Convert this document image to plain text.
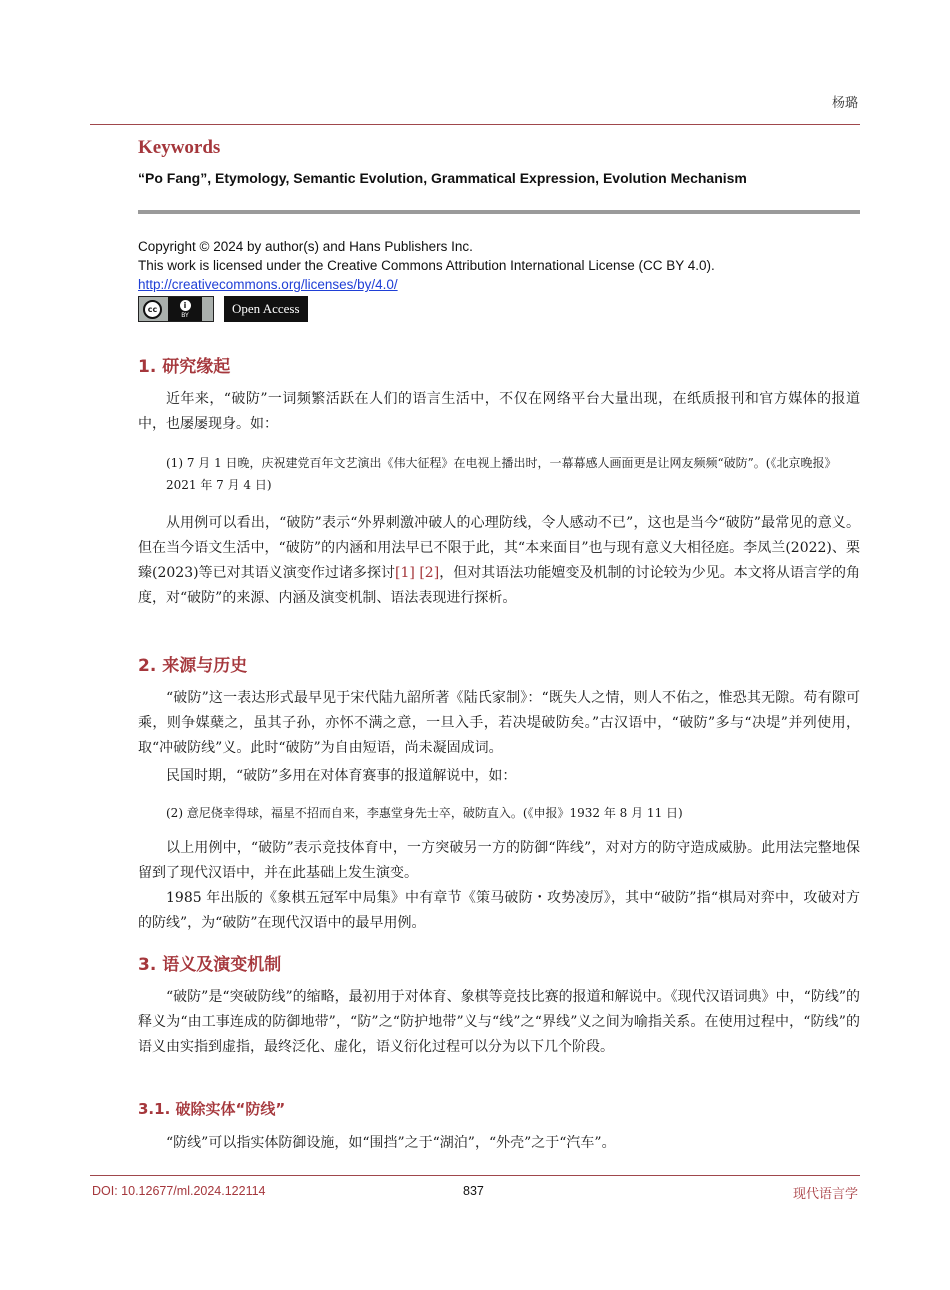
杨璐
Keywords
“Po Fang”, Etymology, Semantic Evolution, Grammatical Expression, Evolution Mechanism
Copyright © 2024 by author(s) and Hans Publishers Inc.
This work is licensed under the Creative Commons Attribution International License (CC BY 4.0).
http://creativecommons.org/licenses/by/4.0/
cc	i
BY	Open Access
1. 研究缘起
近年来，“破防”一词频繁活跃在人们的语言生活中，不仅在网络平台大量出现，在纸质报刊和官方媒体的报道中，也屡屡现身。如：
(1) 7 月 1 日晚，庆祝建党百年文艺演出《伟大征程》在电视上播出时，一幕幕感人画面更是让网友频频“破防”。(《北京晚报》2021 年 7 月 4 日)
从用例可以看出，“破防”表示“外界刺激冲破人的心理防线，令人感动不已”，这也是当今“破防”最常见的意义。但在当今语文生活中，“破防”的内涵和用法早已不限于此，其“本来面目”也与现有意义大相径庭。李凤兰(2022)、栗臻(2023)等已对其语义演变作过诸多探讨[1] [2]，但对其语法功能嬗变及机制的讨论较为少见。本文将从语言学的角度，对“破防”的来源、内涵及演变机制、语法表现进行探析。
2. 来源与历史
“破防”这一表达形式最早见于宋代陆九韶所著《陆氏家制》：“既失人之情，则人不佑之，惟恐其无隙。苟有隙可乘，则争媒蘖之，虽其子孙，亦怀不满之意，一旦入手，若决堤破防矣。”古汉语中，“破防”多与“决堤”并列使用，取“冲破防线”义。此时“破防”为自由短语，尚未凝固成词。
民国时期，“破防”多用在对体育赛事的报道解说中，如：
(2) 意尼侥幸得球，福星不招而自来，李惠堂身先士卒，破防直入。(《申报》1932 年 8 月 11 日)
以上用例中，“破防”表示竞技体育中，一方突破另一方的防御“阵线”，对对方的防守造成威胁。此用法完整地保留到了现代汉语中，并在此基础上发生演变。
1985 年出版的《象棋五冠军中局集》中有章节《策马破防・攻势凌厉》，其中“破防”指“棋局对弈中，攻破对方的防线”，为“破防”在现代汉语中的最早用例。
3. 语义及演变机制
“破防”是“突破防线”的缩略，最初用于对体育、象棋等竞技比赛的报道和解说中。《现代汉语词典》中，“防线”的释义为“由工事连成的防御地带”，“防”之“防护地带”义与“线”之“界线”义之间为喻指关系。在使用过程中，“防线”的语义由实指到虚指，最终泛化、虚化，语义衍化过程可以分为以下几个阶段。
3.1. 破除实体“防线”
“防线”可以指实体防御设施，如“围挡”之于“湖泊”，“外壳”之于“汽车”。
DOI: 10.12677/ml.2024.122114	837	现代语言学
